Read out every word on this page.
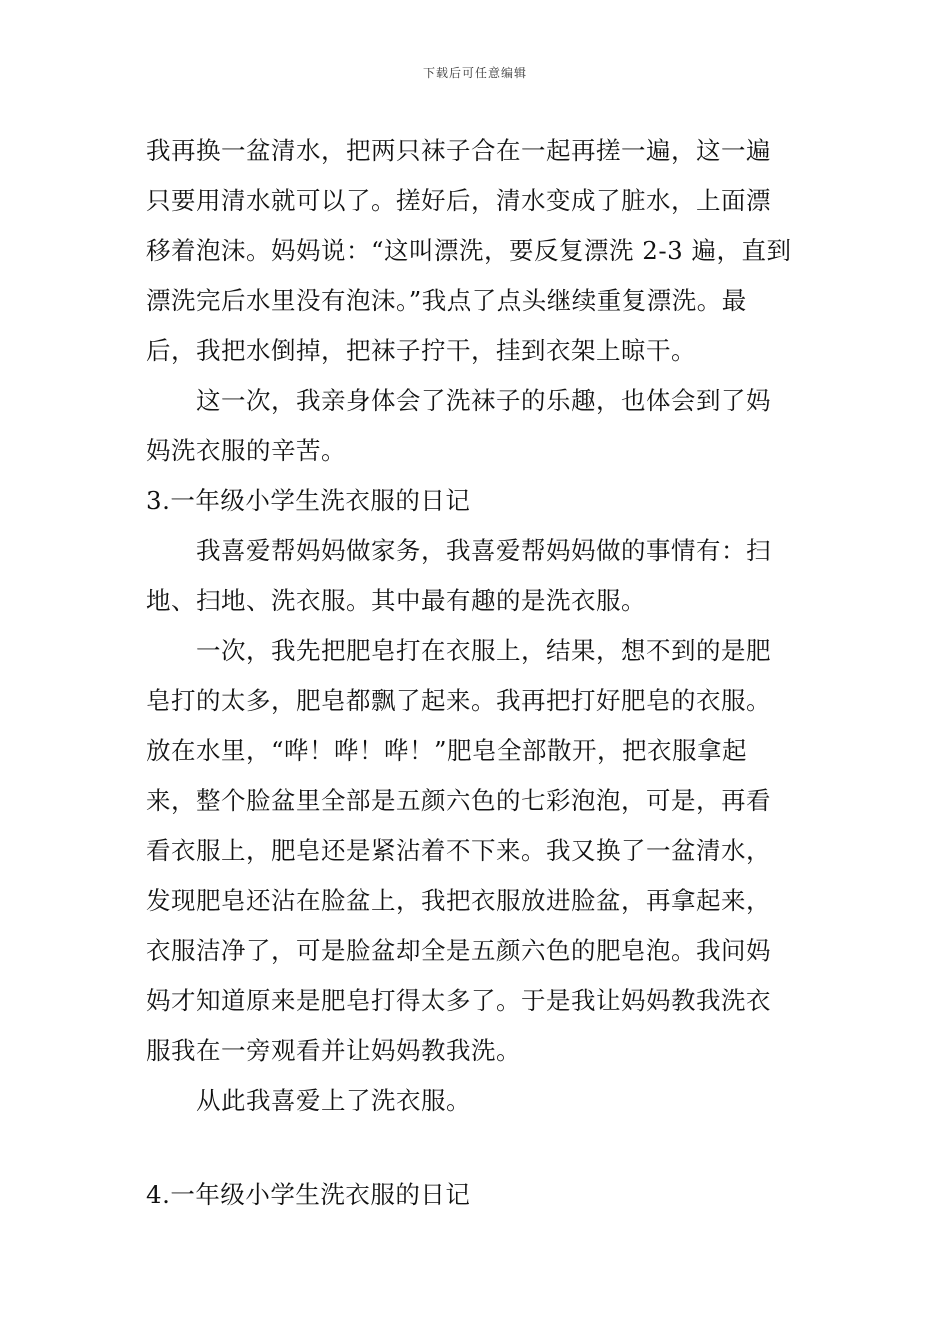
下载后可任意编辑
我再换一盆清水，把两只袜子合在一起再搓一遍，这一遍
只要用清水就可以了。搓好后，清水变成了脏水，上面漂
移着泡沫。妈妈说：“这叫漂洗，要反复漂洗 2-3 遍，直到
漂洗完后水里没有泡沫。”我点了点头继续重复漂洗。最
后，我把水倒掉，把袜子拧干，挂到衣架上晾干。
这一次，我亲身体会了洗袜子的乐趣，也体会到了妈
妈洗衣服的辛苦。
3.一年级小学生洗衣服的日记
我喜爱帮妈妈做家务，我喜爱帮妈妈做的事情有：扫
地、扫地、洗衣服。其中最有趣的是洗衣服。
一次，我先把肥皂打在衣服上，结果，想不到的是肥
皂打的太多，肥皂都飘了起来。我再把打好肥皂的衣服。
放在水里，“哗！哗！哗！”肥皂全部散开，把衣服拿起
来，整个脸盆里全部是五颜六色的七彩泡泡，可是，再看
看衣服上，肥皂还是紧沾着不下来。我又换了一盆清水，
发现肥皂还沾在脸盆上，我把衣服放进脸盆，再拿起来，
衣服洁净了，可是脸盆却全是五颜六色的肥皂泡。我问妈
妈才知道原来是肥皂打得太多了。于是我让妈妈教我洗衣
服我在一旁观看并让妈妈教我洗。
从此我喜爱上了洗衣服。
4.一年级小学生洗衣服的日记
